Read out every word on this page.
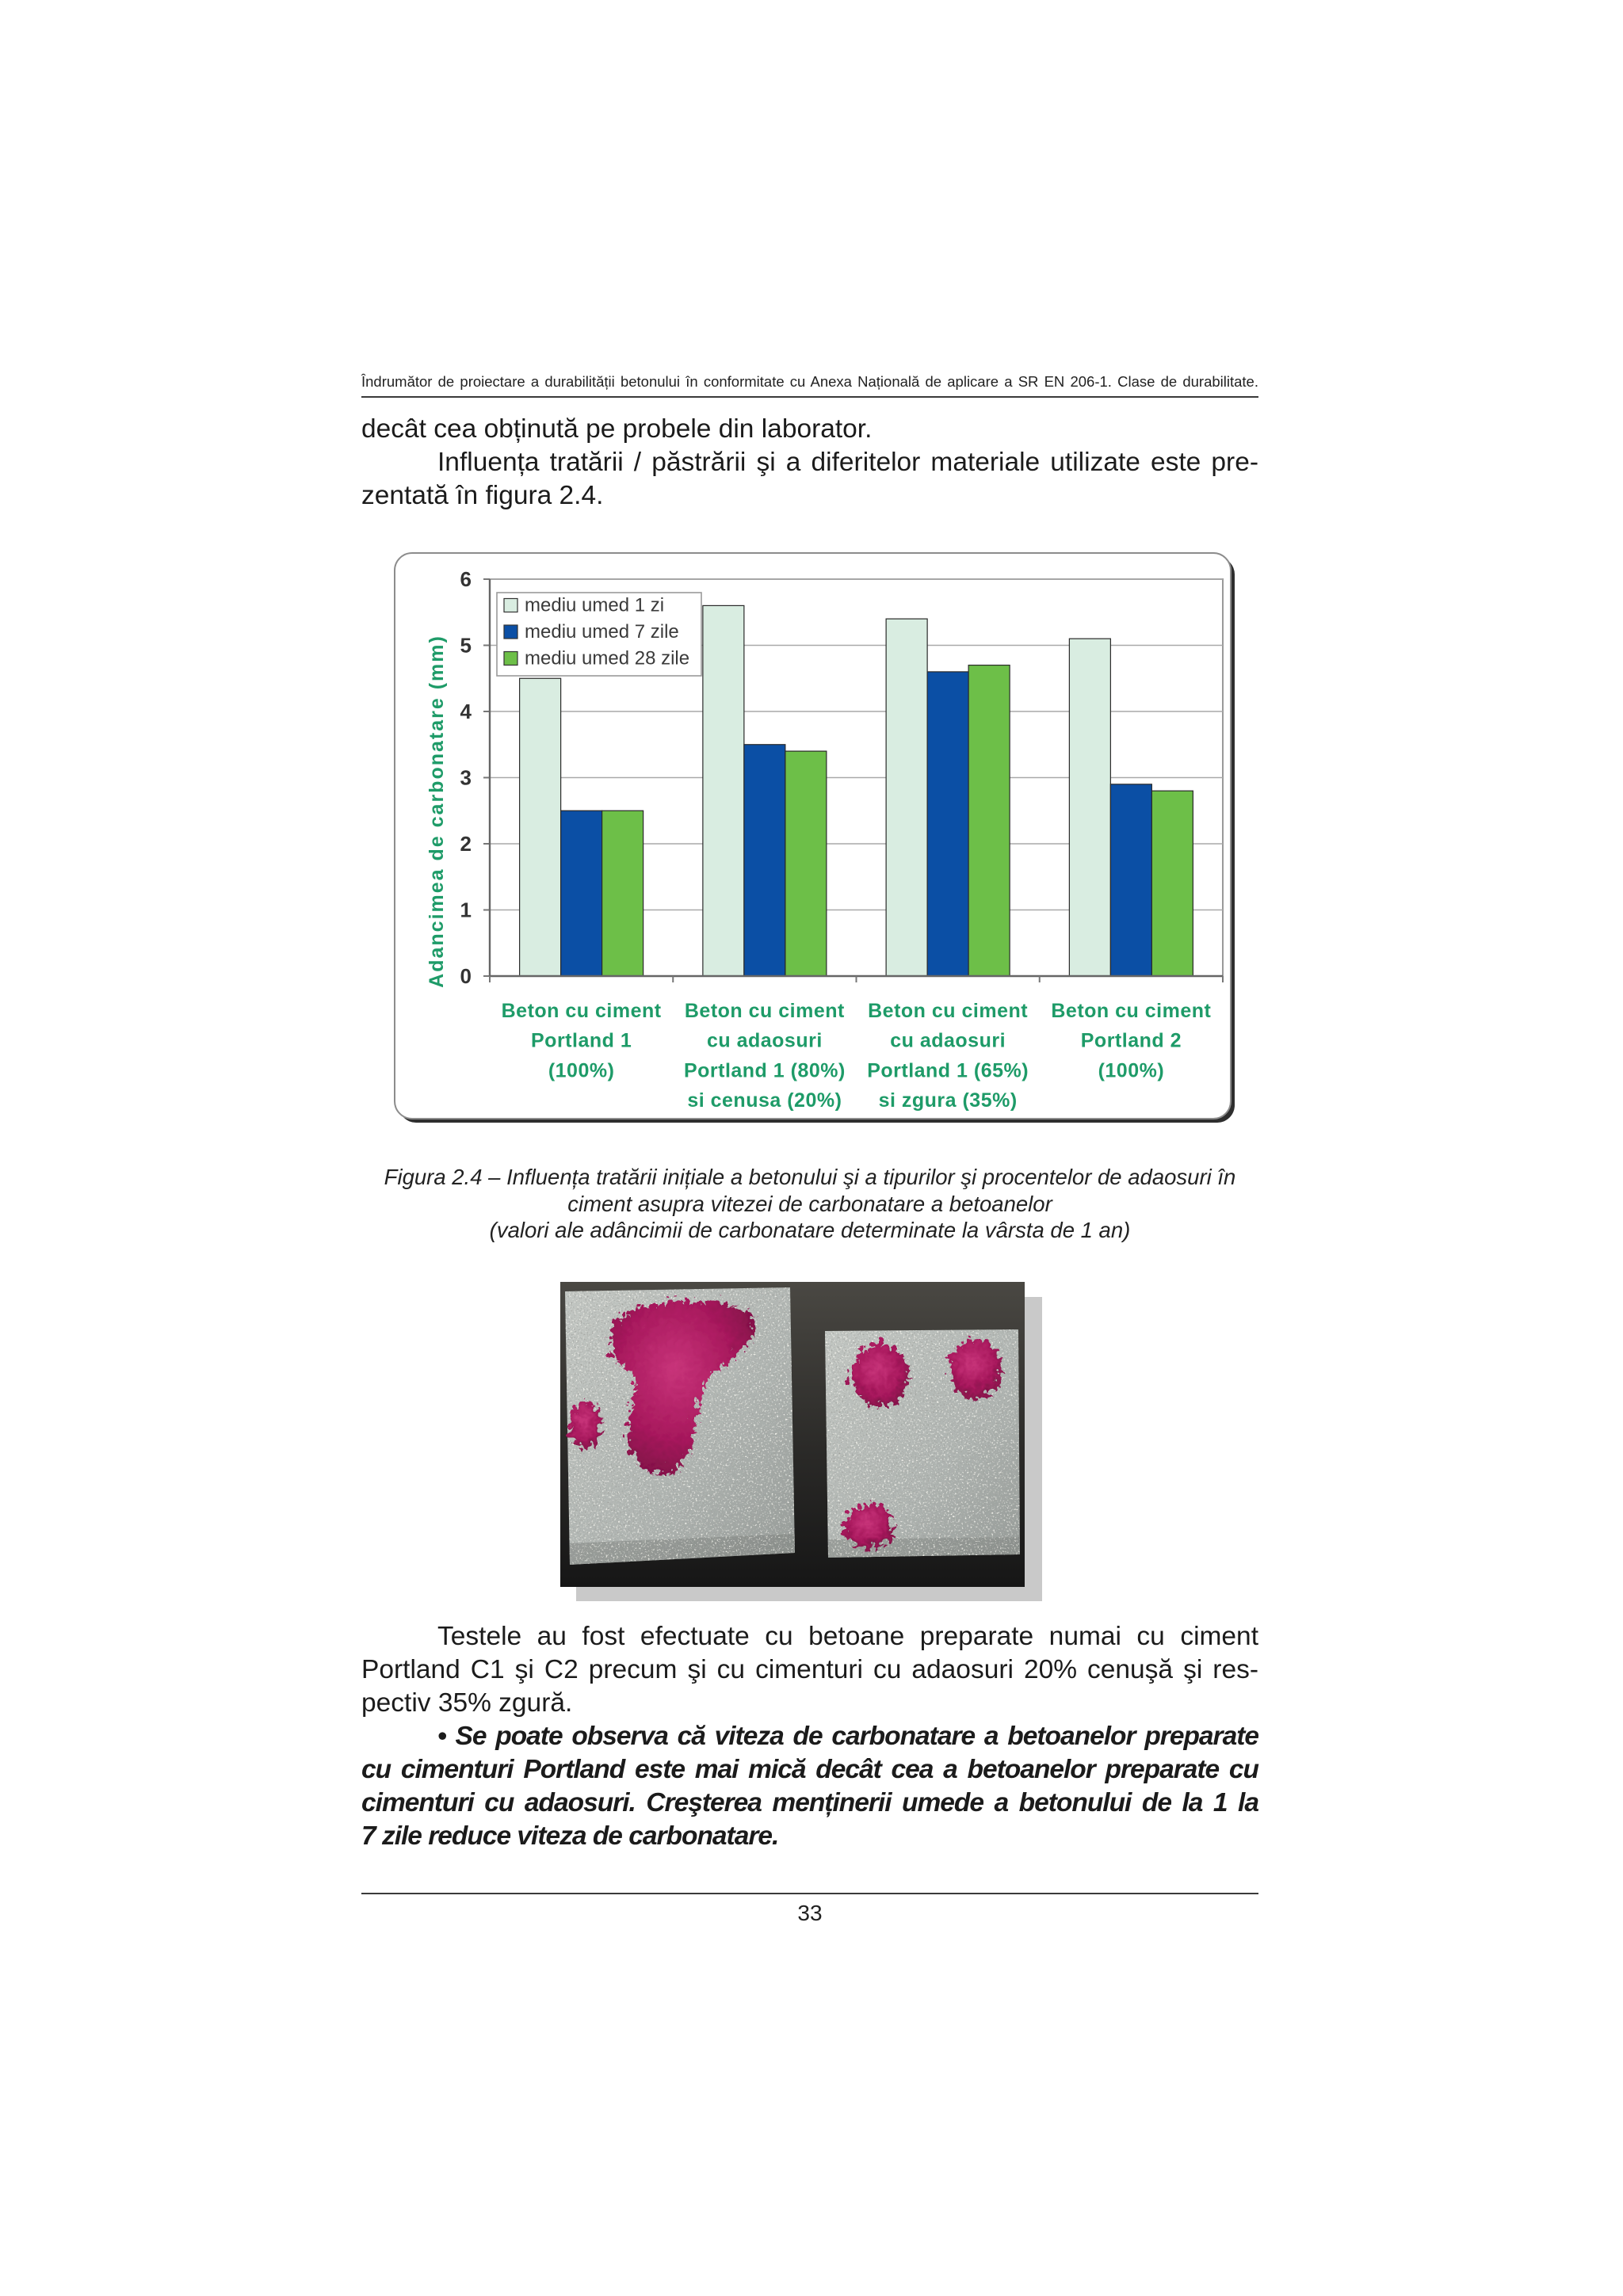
Îndrumător de proiectare a durabilității betonului în conformitate cu Anexa Națională de aplicare a SR EN 206-1. Clase de durabilitate.
decât cea obținută pe probele din laborator.
Influența tratării / păstrării şi a diferitelor materiale utilizate este pre-
zentată în figura 2.4.
0
1
2
3
4
5
6
Beton cu ciment Portland 1 (100%)
Beton cu ciment cu adaosuri Portland 1 (80%) si cenusa (20%)
Beton cu ciment cu adaosuri Portland 1 (65%) si zgura (35%)
Beton cu ciment Portland 2 (100%)
mediu umed 1 zi
mediu umed 7 zile
mediu umed 28 zile
Adancimea de carbonatare (mm)
Figura 2.4 – Influența tratării inițiale a betonului şi a tipurilor şi procentelor de adaosuri în
ciment asupra vitezei de carbonatare a betoanelor
(valori ale adâncimii de carbonatare determinate la vârsta de 1 an)
Testele au fost efectuate cu betoane preparate numai cu ciment
Portland C1 şi C2 precum şi cu cimenturi cu adaosuri 20% cenuşă şi res-
pectiv 35% zgură.
• Se poate observa că viteza de carbonatare a betoanelor preparate
cu cimenturi Portland este mai mică decât cea a betoanelor preparate cu
cimenturi cu adaosuri. Creşterea menținerii umede a betonului de la 1 la
7 zile reduce viteza de carbonatare.
33
